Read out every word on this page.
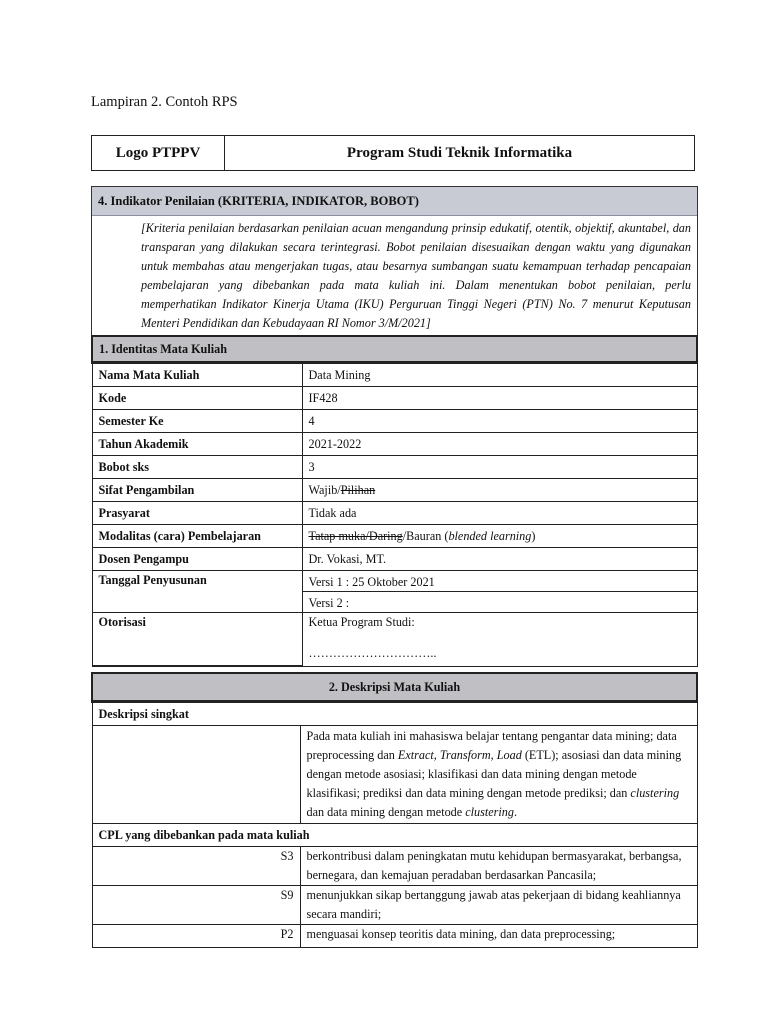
Lampiran 2. Contoh RPS
Logo PTPPV	Program Studi Teknik Informatika
4. Indikator Penilaian (KRITERIA, INDIKATOR, BOBOT)
[Kriteria penilaian berdasarkan penilaian acuan mengandung prinsip edukatif, otentik, objektif, akuntabel, dan transparan yang dilakukan secara terintegrasi. Bobot penilaian disesuaikan dengan waktu yang digunakan untuk membahas atau mengerjakan tugas, atau besarnya sumbangan suatu kemampuan terhadap pencapaian pembelajaran yang dibebankan pada mata kuliah ini. Dalam menentukan bobot penilaian, perlu memperhatikan Indikator Kinerja Utama (IKU) Perguruan Tinggi Negeri (PTN) No. 7 menurut Keputusan Menteri Pendidikan dan Kebudayaan RI Nomor 3/M/2021]
1. Identitas Mata Kuliah	
Nama Mata Kuliah	Data Mining
Kode	IF428
Semester Ke	4
Tahun Akademik	2021-2022
Bobot sks	3
Sifat Pengambilan	Wajib/Pilihan
Prasyarat	Tidak ada
Modalitas (cara) Pembelajaran	Tatap muka/Daring/Bauran (blended learning)
Dosen Pengampu	Dr. Vokasi, MT.
Tanggal Penyusunan	Versi 1 : 25 Oktober 2021
	Versi 2 :
Otorisasi	Ketua Program Studi:
…………………………..
2. Deskripsi Mata Kuliah	
Deskripsi singkat	
	Pada mata kuliah ini mahasiswa belajar tentang pengantar data mining; data preprocessing dan Extract, Transform, Load (ETL); asosiasi dan data mining dengan metode asosiasi; klasifikasi dan data mining dengan metode klasifikasi; prediksi dan data mining dengan metode prediksi; dan clustering dan data mining dengan metode clustering.
CPL yang dibebankan pada mata kuliah	
S3	berkontribusi dalam peningkatan mutu kehidupan bermasyarakat, berbangsa, bernegara, dan kemajuan peradaban berdasarkan Pancasila;
S9	menunjukkan sikap bertanggung jawab atas pekerjaan di bidang keahliannya secara mandiri;
P2	menguasai konsep teoritis data mining, dan data preprocessing;
